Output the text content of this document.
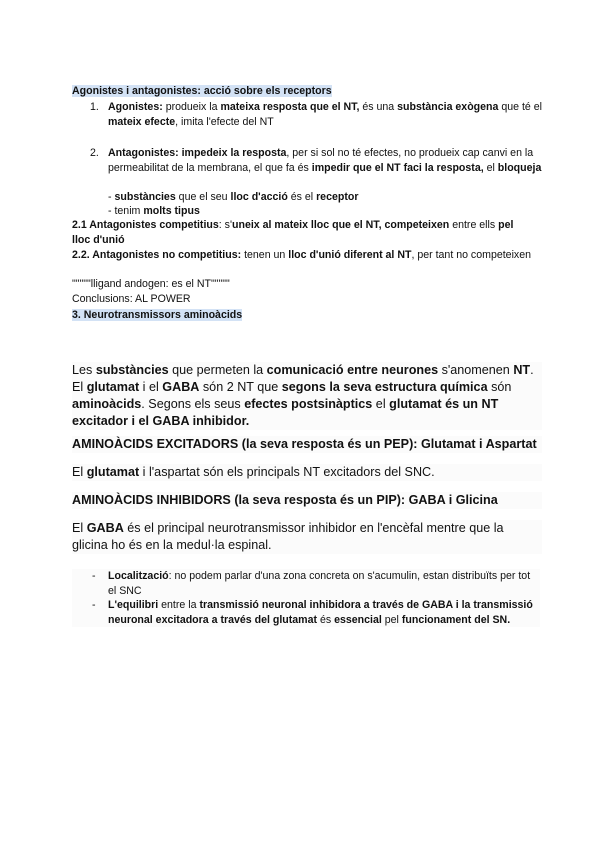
Agonistes i antagonistes: acció sobre els receptors
1. Agonistes: produeix la mateixa resposta que el NT, és una substància exògena que té el mateix efecte, imita l'efecte del NT
2. Antagonistes: impedeix la resposta, per si sol no té efectes, no produeix cap canvi en la permeabilitat de la membrana, el que fa és impedir que el NT faci la resposta, el bloqueja
- substàncies que el seu lloc d'acció és el receptor
- tenim molts tipus
2.1 Antagonistes competitius: s'uneix al mateix lloc que el NT, competeixen entre ells pel lloc d'unió
2.2. Antagonistes no competitius: tenen un lloc d'unió diferent al NT, per tant no competeixen
"""""lligand andogen: es el NT"""""
Conclusions: AL POWER
3. Neurotransmissors aminoàcids
Les substàncies que permeten la comunicació entre neurones s'anomenen NT. El glutamat i el GABA són 2 NT que segons la seva estructura química són aminoàcids. Segons els seus efectes postsinàptics el glutamat és un NT excitador i el GABA inhibidor.
AMINOÀCIDS EXCITADORS (la seva resposta és un PEP): Glutamat i Aspartat
El glutamat i l'aspartat són els principals NT excitadors del SNC.
AMINOÀCIDS INHIBIDORS (la seva resposta és un PIP): GABA i Glicina
El GABA és el principal neurotransmissor inhibidor en l'encèfal mentre que la glicina ho és en la medul·la espinal.
- Localització: no podem parlar d'una zona concreta on s'acumulin, estan distribuïts per tot el SNC
- L'equilibri entre la transmissió neuronal inhibidora a través de GABA i la transmissió neuronal excitadora a través del glutamat és essencial pel funcionament del SN.
